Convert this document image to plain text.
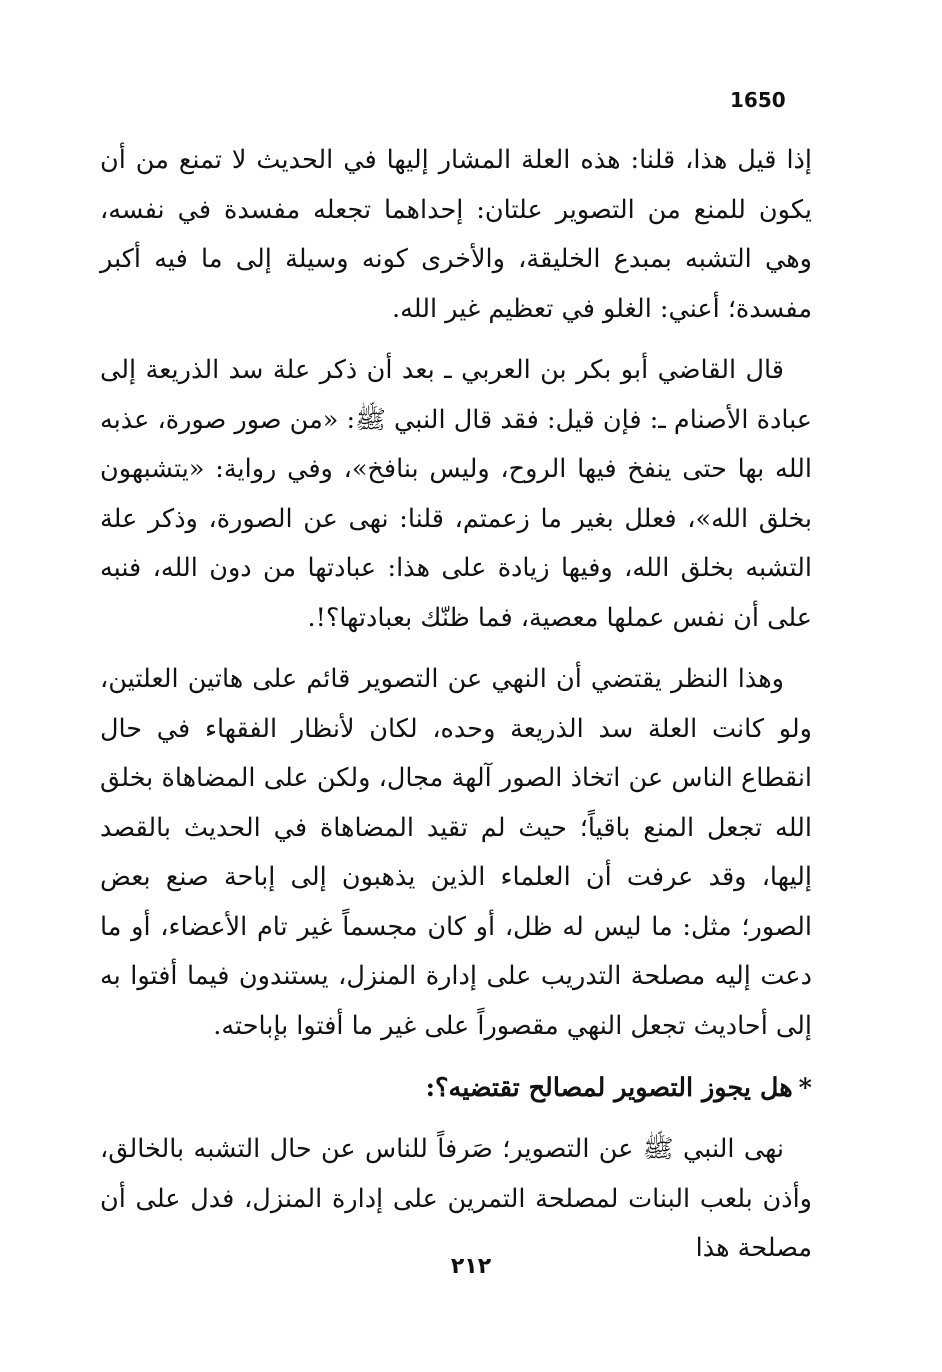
1650

إذا قيل هذا، قلنا: هذه العلة المشار إليها في الحديث لا تمنع من أن يكون للمنع من التصوير علتان: إحداهما تجعله مفسدة في نفسه، وهي التشبه بمبدع الخليقة، والأخرى كونه وسيلة إلى ما فيه أكبر مفسدة؛ أعني: الغلو في تعظيم غير الله.

قال القاضي أبو بكر بن العربي ـ بعد أن ذكر علة سد الذريعة إلى عبادة الأصنام ـ: فإن قيل: فقد قال النبي ﷺ: «من صور صورة، عذبه الله بها حتى ينفخ فيها الروح، وليس بنافخ»، وفي رواية: «يتشبهون بخلق الله»، فعلل بغير ما زعمتم، قلنا: نهى عن الصورة، وذكر علة التشبه بخلق الله، وفيها زيادة على هذا: عبادتها من دون الله، فنبه على أن نفس عملها معصية، فما ظنّك بعبادتها؟!.

وهذا النظر يقتضي أن النهي عن التصوير قائم على هاتين العلتين، ولو كانت العلة سد الذريعة وحده، لكان لأنظار الفقهاء في حال انقطاع الناس عن اتخاذ الصور آلهة مجال، ولكن على المضاهاة بخلق الله تجعل المنع باقياً؛ حيث لم تقيد المضاهاة في الحديث بالقصد إليها، وقد عرفت أن العلماء الذين يذهبون إلى إباحة صنع بعض الصور؛ مثل: ما ليس له ظل، أو كان مجسماً غير تام الأعضاء، أو ما دعت إليه مصلحة التدريب على إدارة المنزل، يستندون فيما أفتوا به إلى أحاديث تجعل النهي مقصوراً على غير ما أفتوا بإباحته.

*هل يجوز التصوير لمصالح تقتضيه؟:

نهى النبي ﷺ عن التصوير؛ صَرفاً للناس عن حال التشبه بالخالق، وأذن بلعب البنات لمصلحة التمرين على إدارة المنزل، فدل على أن مصلحة هذا

٢١٢
